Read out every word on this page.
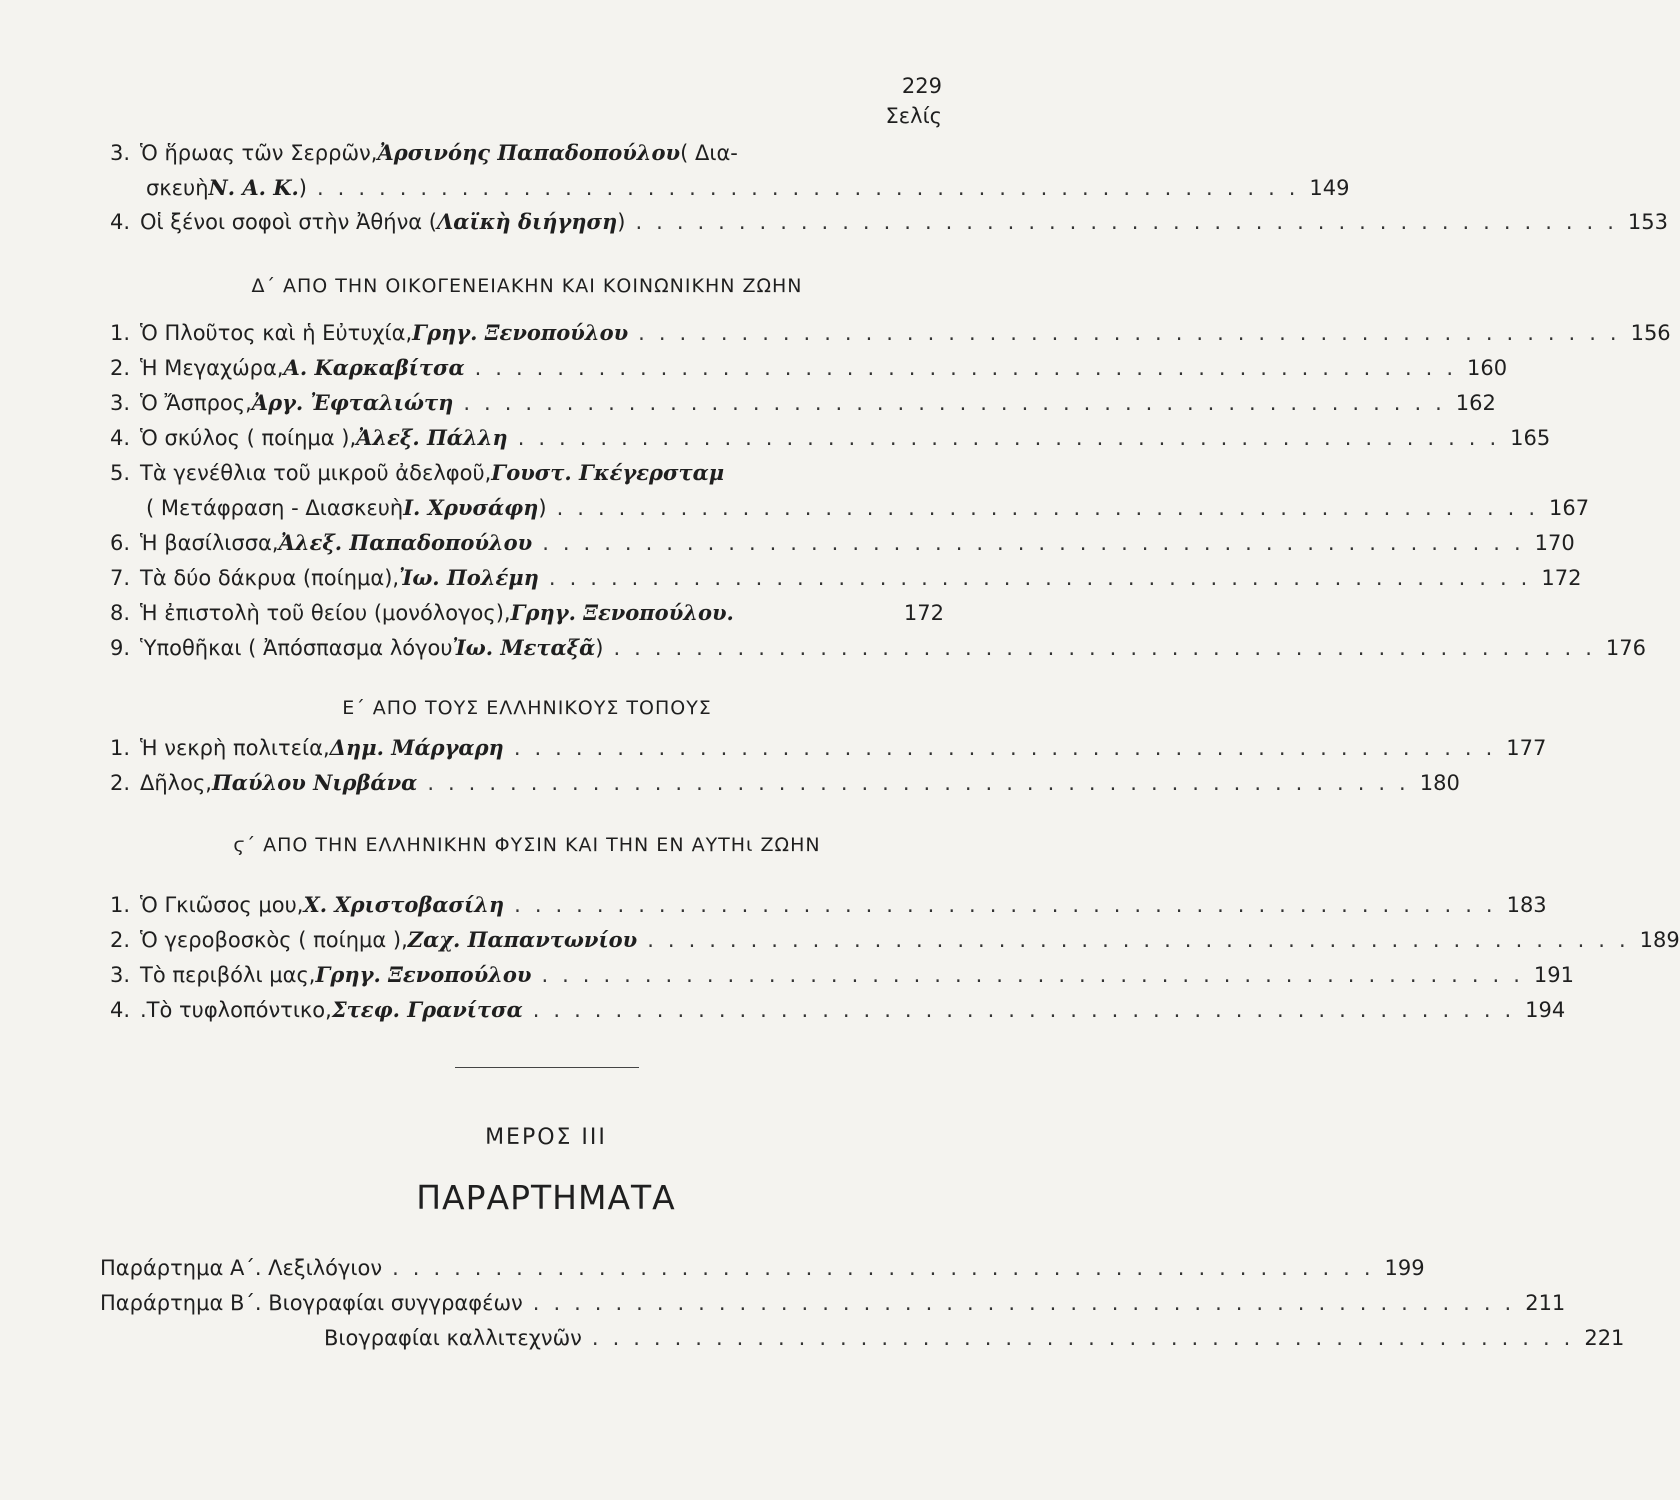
229
Σελίς
3. Ὁ ἥρωας τῶν Σερρῶν, Ἀρσινόης Παπαδοπούλου ( Δια-
σκευὴ Ν. Α. Κ. ) ................................................ 149
4. Οἱ ξένοι σοφοὶ στὴν Ἀθήνα ( Λαϊκὴ διήγηση ) ................................................ 153
Δ΄ ΑΠΟ ΤΗΝ ΟΙΚΟΓΕΝΕΙΑΚΗΝ ΚΑΙ ΚΟΙΝΩΝΙΚΗΝ ΖΩΗΝ
1. Ὁ Πλοῦτος καὶ ἡ Εὐτυχία, Γρηγ. Ξενοπούλου ................................................ 156
2. Ἡ Μεγαχώρα, Α. Καρκαβίτσα ................................................ 160
3. Ὁ Ἄσπρος, Ἀργ. Ἐφταλιώτη ................................................ 162
4. Ὁ σκύλος ( ποίημα ), Ἀλεξ. Πάλλη ................................................ 165
5. Τὰ γενέθλια τοῦ μικροῦ ἀδελφοῦ, Γουστ. Γκέγερσταμ
( Μετάφραση - Διασκευὴ Ι. Χρυσάφη ) ................................................ 167
6. Ἡ βασίλισσα, Ἀλεξ. Παπαδοπούλου ................................................ 170
7. Τὰ δύο δάκρυα (ποίημα), Ἰω. Πολέμη ................................................ 172
8. Ἡ ἐπιστολὴ τοῦ θείου (μονόλογος), Γρηγ. Ξενοπούλου.	172
9. Ὑποθῆκαι ( Ἀπόσπασμα λόγου Ἰω. Μεταξᾶ ) ................................................ 176
Ε΄ ΑΠΟ ΤΟΥΣ ΕΛΛΗΝΙΚΟΥΣ ΤΟΠΟΥΣ
1. Ἡ νεκρὴ πολιτεία, Δημ. Μάργαρη ................................................ 177
2. Δῆλος, Παύλου Νιρβάνα ................................................ 180
ϛ΄ ΑΠΟ ΤΗΝ ΕΛΛΗΝΙΚΗΝ ΦΥΣΙΝ ΚΑΙ ΤΗΝ ΕΝ ΑΥΤΗι ΖΩΗΝ
1. Ὁ Γκιῶσος μου, Χ. Χριστοβασίλη ................................................ 183
2. Ὁ γεροβοσκὸς ( ποίημα ), Ζαχ. Παπαντωνίου ................................................ 189
3. Τὸ περιβόλι μας, Γρηγ. Ξενοπούλου ................................................ 191
4. .Τὸ τυφλοπόντικο, Στεφ. Γρανίτσα ................................................ 194
ΜΕΡΟΣ III
ΠΑΡΑΡΤΗΜΑΤΑ
Παράρτημα Α΄. Λεξιλόγιον ................................................ 199
Παράρτημα Β΄. Βιογραφίαι συγγραφέων ................................................ 211
Βιογραφίαι καλλιτεχνῶν ................................................ 221
